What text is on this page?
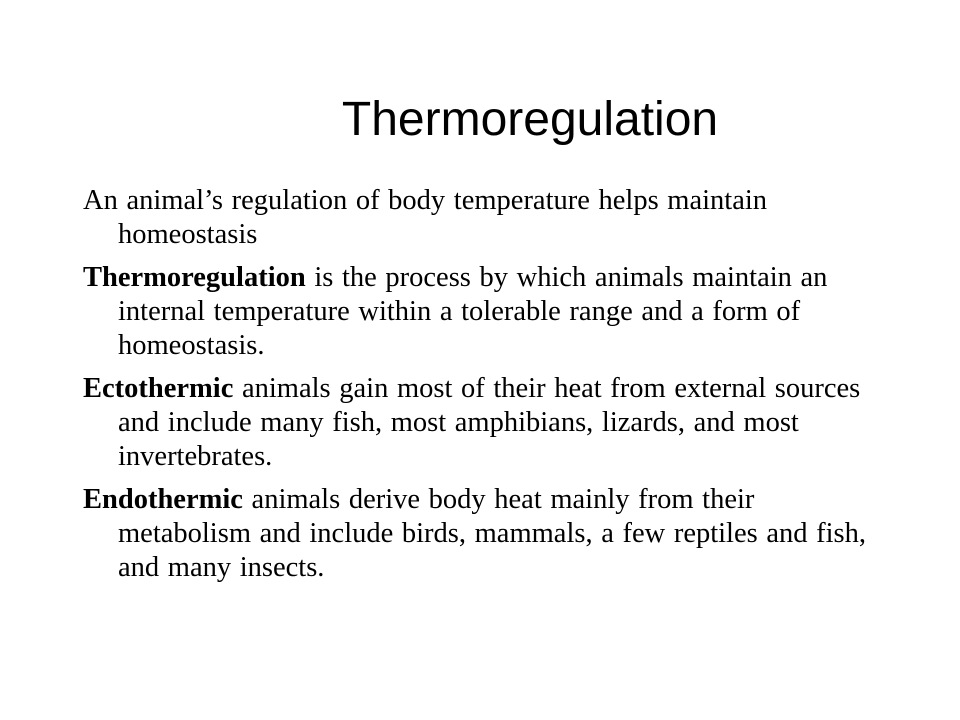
Thermoregulation
An animal’s regulation of body temperature helps maintain homeostasis
Thermoregulation is the process by which animals maintain an internal temperature within a tolerable range and a form of homeostasis.
Ectothermic animals gain most of their heat from external sources and include many fish, most amphibians, lizards, and most invertebrates.
Endothermic animals derive body heat mainly from their metabolism and include birds, mammals, a few reptiles and fish, and many insects.
